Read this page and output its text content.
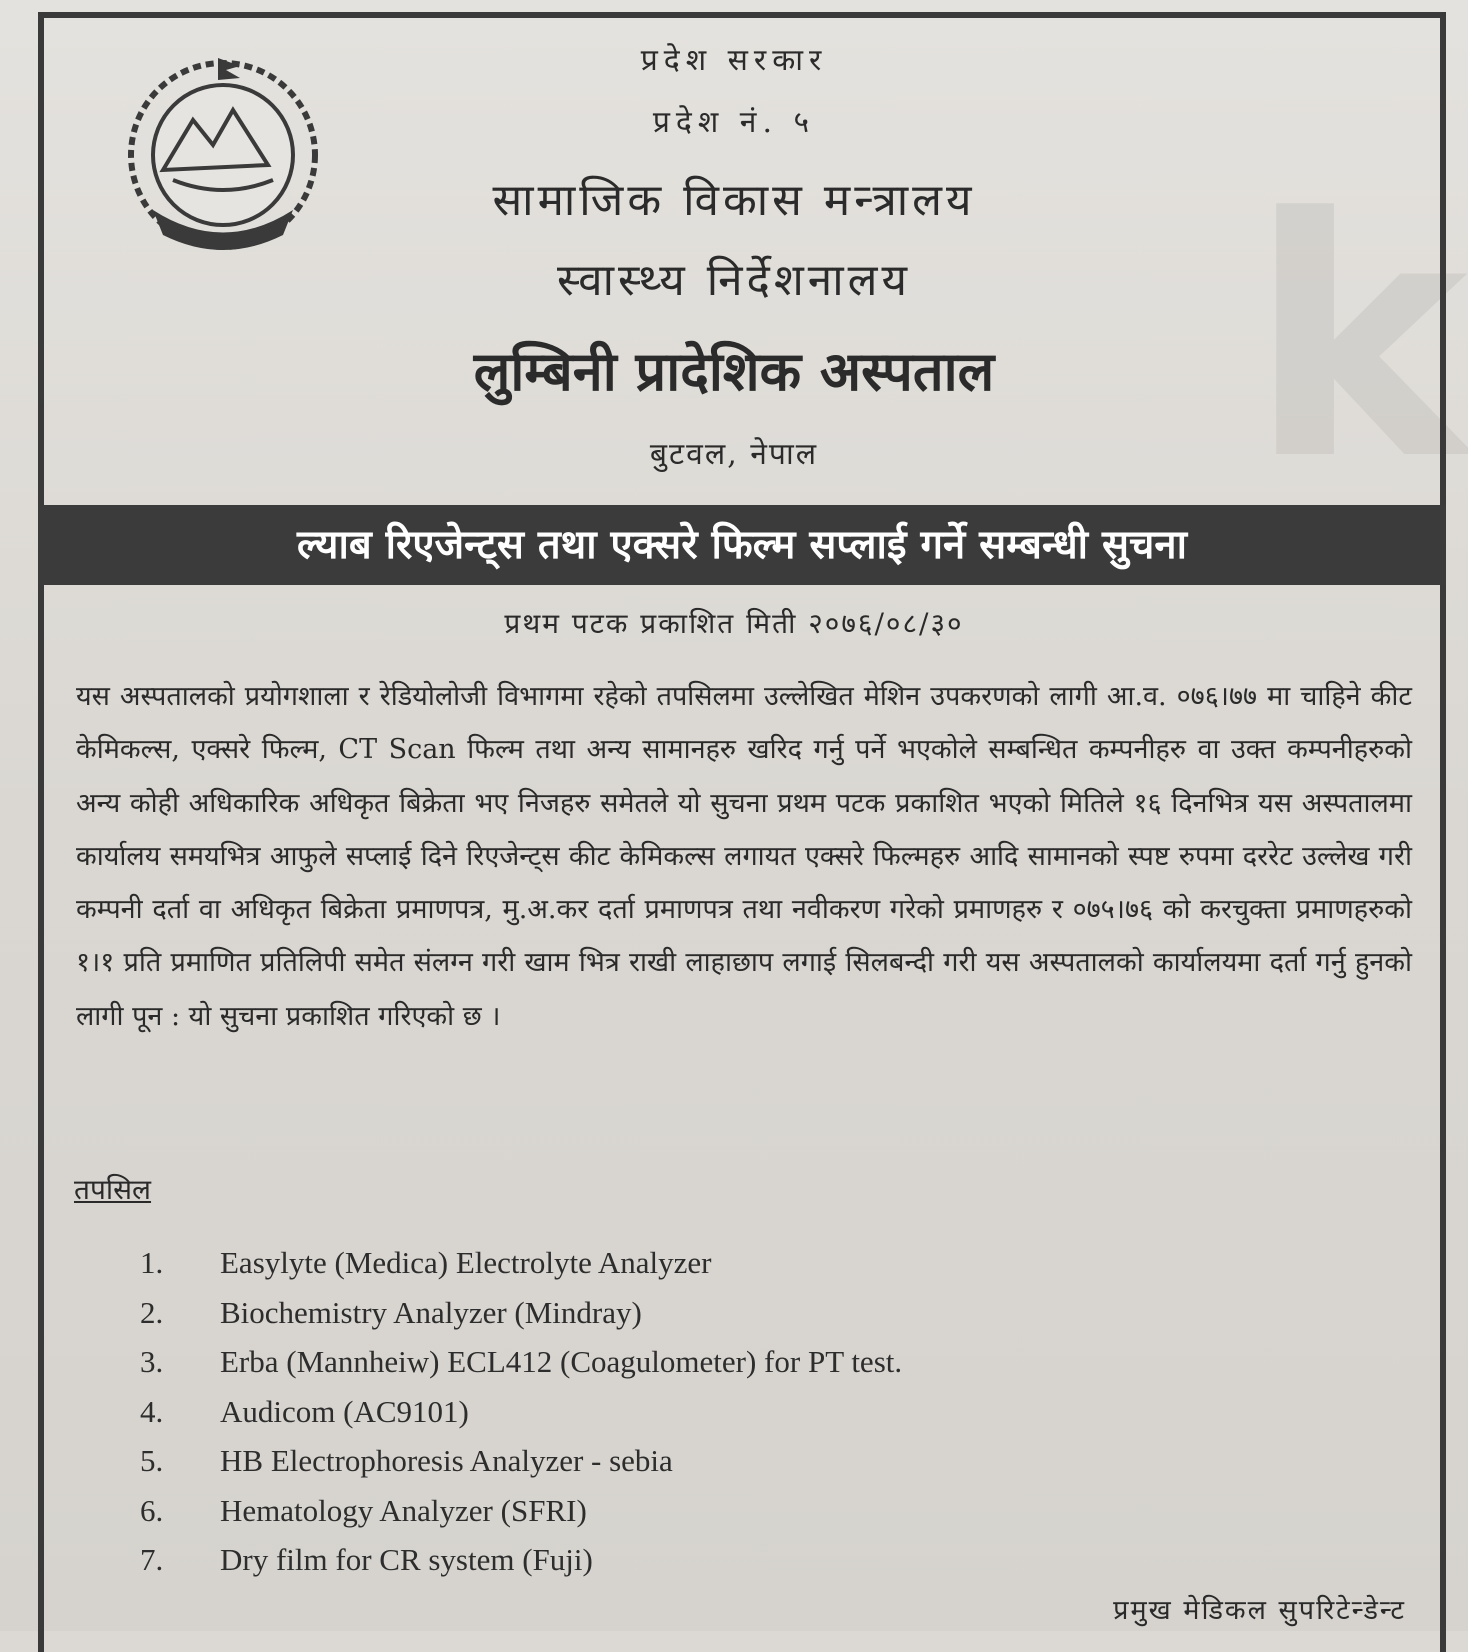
k
प्रदेश सरकार
प्रदेश नं. ५
सामाजिक विकास मन्त्रालय
स्वास्थ्य निर्देशनालय
लुम्बिनी प्रादेशिक अस्पताल
बुटवल, नेपाल
ल्याब रिएजेन्ट्स तथा एक्सरे फिल्म सप्लाई गर्ने सम्बन्धी सुचना
प्रथम पटक प्रकाशित मिती २०७६/०८/३०
यस अस्पतालको प्रयोगशाला र रेडियोलोजी विभागमा रहेको तपसिलमा उल्लेखित मेशिन उपकरणको लागी आ.व. ०७६।७७ मा चाहिने कीट केमिकल्स, एक्सरे फिल्म, CT Scan फिल्म तथा अन्य सामानहरु खरिद गर्नु पर्ने भएकोले सम्बन्धित कम्पनीहरु वा उक्त कम्पनीहरुको अन्य कोही अधिकारिक अधिकृत बिक्रेता भए निजहरु समेतले यो सुचना प्रथम पटक प्रकाशित भएको मितिले १६ दिनभित्र यस अस्पतालमा कार्यालय समयभित्र आफुले सप्लाई दिने रिएजेन्ट्स कीट केमिकल्स लगायत एक्सरे फिल्महरु आदि सामानको स्पष्ट रुपमा दररेट उल्लेख गरी कम्पनी दर्ता वा अधिकृत बिक्रेता प्रमाणपत्र, मु.अ.कर दर्ता प्रमाणपत्र तथा नवीकरण गरेको प्रमाणहरु र ०७५।७६ को करचुक्ता प्रमाणहरुको १।१ प्रति प्रमाणित प्रतिलिपी समेत संलग्न गरी खाम भित्र राखी लाहाछाप लगाई सिलबन्दी गरी यस अस्पतालको कार्यालयमा दर्ता गर्नु हुनको लागी पून : यो सुचना प्रकाशित गरिएको छ ।
तपसिल
1. Easylyte (Medica) Electrolyte Analyzer
2. Biochemistry Analyzer (Mindray)
3. Erba (Mannheiw) ECL412 (Coagulometer) for PT test.
4. Audicom (AC9101)
5. HB Electrophoresis Analyzer - sebia
6. Hematology Analyzer (SFRI)
7. Dry film for CR system (Fuji)
प्रमुख मेडिकल सुपरिटेन्डेन्ट
